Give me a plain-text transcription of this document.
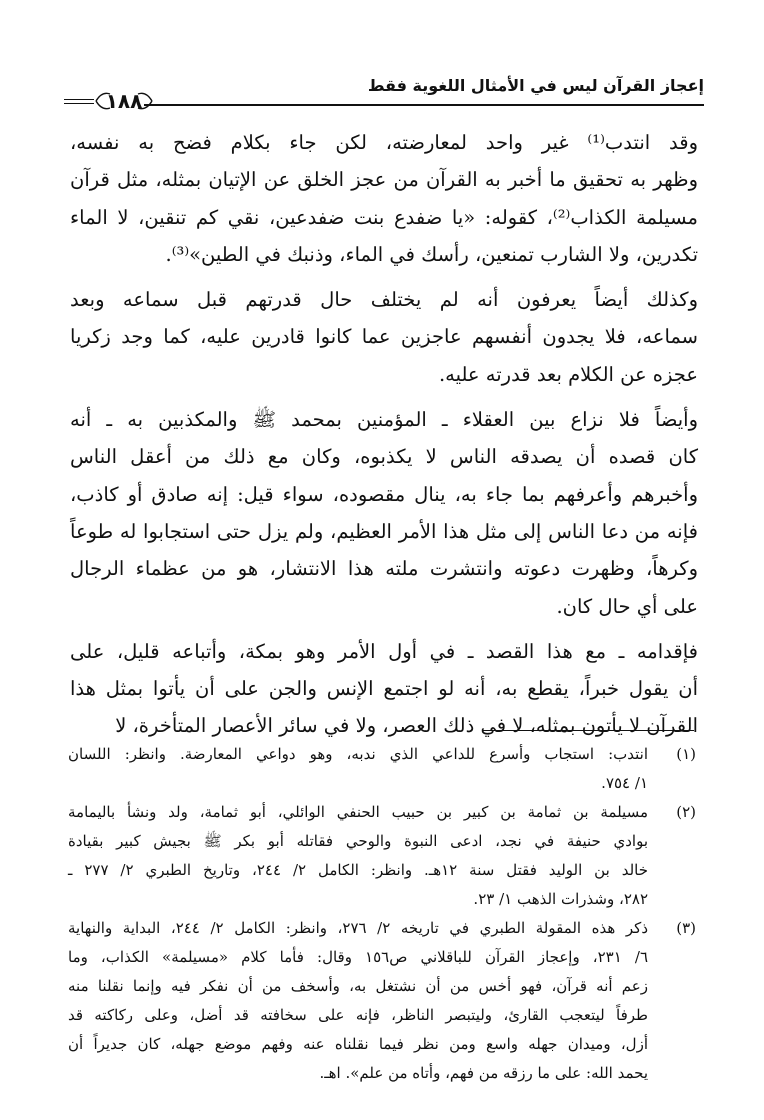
إعجاز القرآن ليس في الأمثال اللغوية فقط
١٨٨
وقد انتدب⁽¹⁾ غير واحد لمعارضته، لكن جاء بكلام فضح به نفسه،
وظهر به تحقيق ما أخبر به القرآن من عجز الخلق عن الإتيان بمثله، مثل قرآن
مسيلمة الكذاب⁽²⁾، كقوله: «يا ضفدع بنت ضفدعين، نقي كم تنقين، لا الماء
تكدرين، ولا الشارب تمنعين، رأسك في الماء، وذنبك في الطين»⁽³⁾.
وكذلك أيضاً يعرفون أنه لم يختلف حال قدرتهم قبل سماعه وبعد
سماعه، فلا يجدون أنفسهم عاجزين عما كانوا قادرين عليه، كما وجد زكريا
عجزه عن الكلام بعد قدرته عليه.
وأيضاً فلا نزاع بين العقلاء ـ المؤمنين بمحمد ﷺ والمكذبين به ـ أنه
كان قصده أن يصدقه الناس لا يكذبوه، وكان مع ذلك من أعقل الناس
وأخبرهم وأعرفهم بما جاء به، ينال مقصوده، سواء قيل: إنه صادق أو كاذب،
فإنه من دعا الناس إلى مثل هذا الأمر العظيم، ولم يزل حتى استجابوا له طوعاً
وكرهاً، وظهرت دعوته وانتشرت ملته هذا الانتشار، هو من عظماء الرجال
على أي حال كان.
فإقدامه ـ مع هذا القصد ـ في أول الأمر وهو بمكة، وأتباعه قليل، على
أن يقول خبراً، يقطع به، أنه لو اجتمع الإنس والجن على أن يأتوا بمثل هذا
القرآن لا يأتون بمثله، لا في ذلك العصر، ولا في سائر الأعصار المتأخرة، لا
(١)
انتدب: استجاب وأسرع للداعي الذي ندبه، وهو دواعي المعارضة. وانظر: اللسان
١/ ٧٥٤.
(٢)
مسيلمة بن ثمامة بن كبير بن حبيب الحنفي الوائلي، أبو ثمامة، ولد ونشأ باليمامة
بوادي حنيفة في نجد، ادعى النبوة والوحي فقاتله أبو بكر ﷺ بجيش كبير بقيادة
خالد بن الوليد فقتل سنة ١٢هـ. وانظر: الكامل ٢/ ٢٤٤، وتاريخ الطبري ٢/ ٢٧٧ ـ
٢٨٢، وشذرات الذهب ١/ ٢٣.
(٣)
ذكر هذه المقولة الطبري في تاريخه ٢/ ٢٧٦، وانظر: الكامل ٢/ ٢٤٤، البداية والنهاية
٦/ ٢٣١، وإعجاز القرآن للباقلاني ص١٥٦ وقال: فأما كلام «مسيلمة» الكذاب، وما
زعم أنه قرآن، فهو أخس من أن نشتغل به، وأسخف من أن نفكر فيه وإنما نقلنا منه
طرفاً ليتعجب القارئ، وليتبصر الناظر، فإنه على سخافته قد أضل، وعلى ركاكته قد
أزل، وميدان جهله واسع ومن نظر فيما نقلناه عنه وفهم موضع جهله، كان جديراً أن
يحمد الله: على ما رزقه من فهم، وأتاه من علم». اهـ.
